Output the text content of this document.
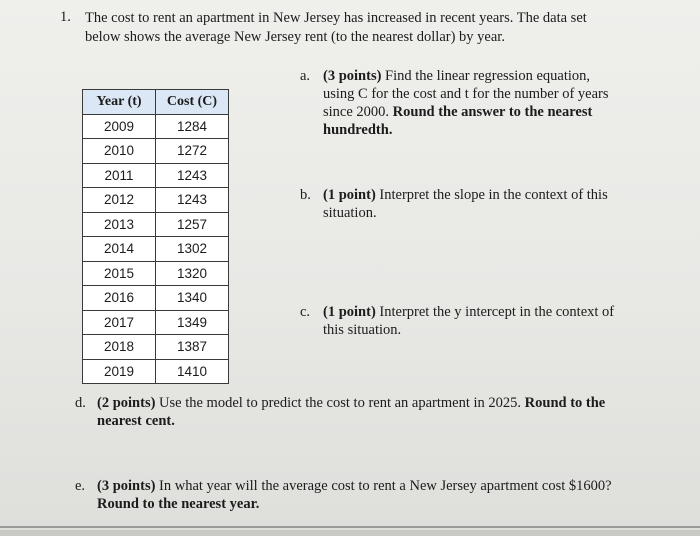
1. The cost to rent an apartment in New Jersey has increased in recent years. The data set
below shows the average New Jersey rent (to the nearest dollar) by year.
Year (t)	Cost (C)
2009	1284
2010	1272
2011	1243
2012	1243
2013	1257
2014	1302
2015	1320
2016	1340
2017	1349
2018	1387
2019	1410
a. (3 points) Find the linear regression equation,
using C for the cost and t for the number of years
since 2000. Round the answer to the nearest
hundredth.
b. (1 point) Interpret the slope in the context of this
situation.
c. (1 point) Interpret the y intercept in the context of
this situation.
d. (2 points) Use the model to predict the cost to rent an apartment in 2025. Round to the
nearest cent.
e. (3 points) In what year will the average cost to rent a New Jersey apartment cost $1600?
Round to the nearest year.
